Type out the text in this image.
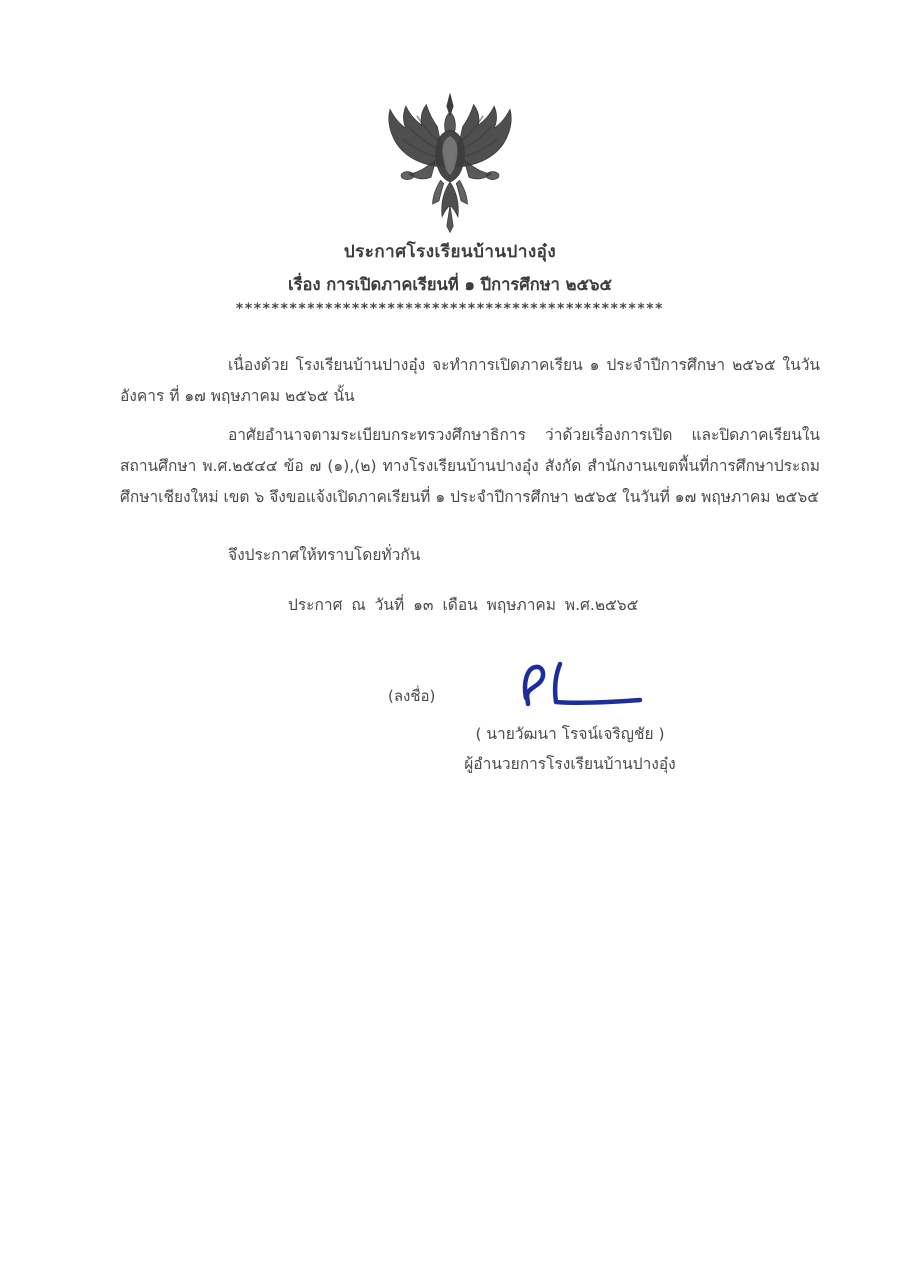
ประกาศโรงเรียนบ้านปางอุ๋ง
เรื่อง การเปิดภาคเรียนที่ ๑ ปีการศึกษา ๒๕๖๕
************************************************

เนื่องด้วย โรงเรียนบ้านปางอุ๋ง จะทำการเปิดภาคเรียน ๑ ประจำปีการศึกษา ๒๕๖๕ ในวันอังคาร ที่ ๑๗ พฤษภาคม ๒๕๖๕ นั้น

อาศัยอำนาจตามระเบียบกระทรวงศึกษาธิการ ว่าด้วยเรื่องการเปิด และปิดภาคเรียนในสถานศึกษา พ.ศ.๒๕๔๔ ข้อ ๗ (๑),(๒) ทางโรงเรียนบ้านปางอุ๋ง สังกัด สำนักงานเขตพื้นที่การศึกษาประถมศึกษาเชียงใหม่ เขต ๖ จึงขอแจ้งเปิดภาคเรียนที่ ๑ ประจำปีการศึกษา ๒๕๖๕ ในวันที่ ๑๗ พฤษภาคม ๒๕๖๕

จึงประกาศให้ทราบโดยทั่วกัน
ประกาศ ณ วันที่ ๑๓ เดือน พฤษภาคม พ.ศ.๒๕๖๕
(ลงชื่อ)
( นายวัฒนา โรจน์เจริญชัย )
ผู้อำนวยการโรงเรียนบ้านปางอุ๋ง
